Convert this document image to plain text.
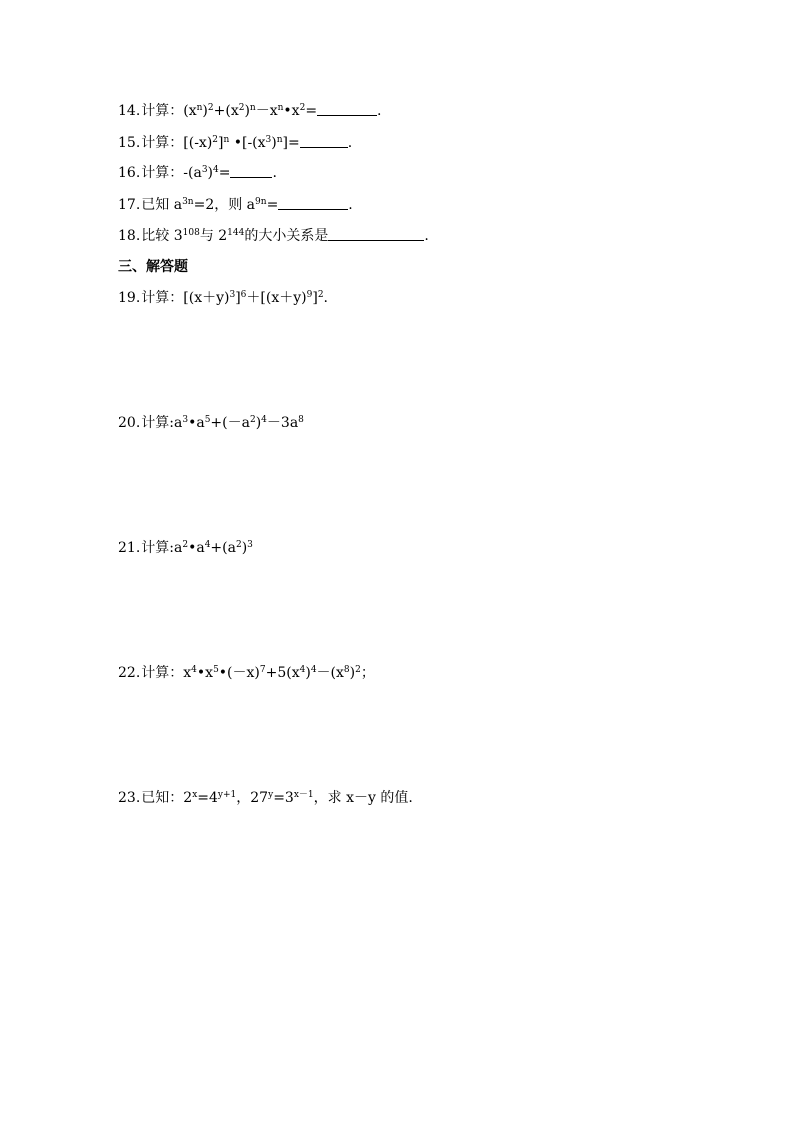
14.计算：$(x^n)^2+(x^2)^n-x^n•x^2=$	.
15.计算：$[(-x)^2]^n$ $•[-(x^3)^n]=$	.
16.计算：$-(a^3)^4=$	.
17.已知 $a^{3n}=2$，则 $a^{9n}=$	.
18.比较 $3^{108}$与 $2^{144}$的大小关系是	.
三、解答题
19.计算：$[(x+y)^3]^6+[(x+y)^9]^2$.
20.计算$:a^3•a^5+(-a^2)^4-3a^8$
21.计算$:a^2•a^4+(a^2)^3$
22.计算：$x^4•x^5•(-x)^7+5(x^4)^4-(x^8)^2$；
23.已知：$2^x=4^{y+1}$，$27^y=3^{x-1}$，求 x－y 的值.
